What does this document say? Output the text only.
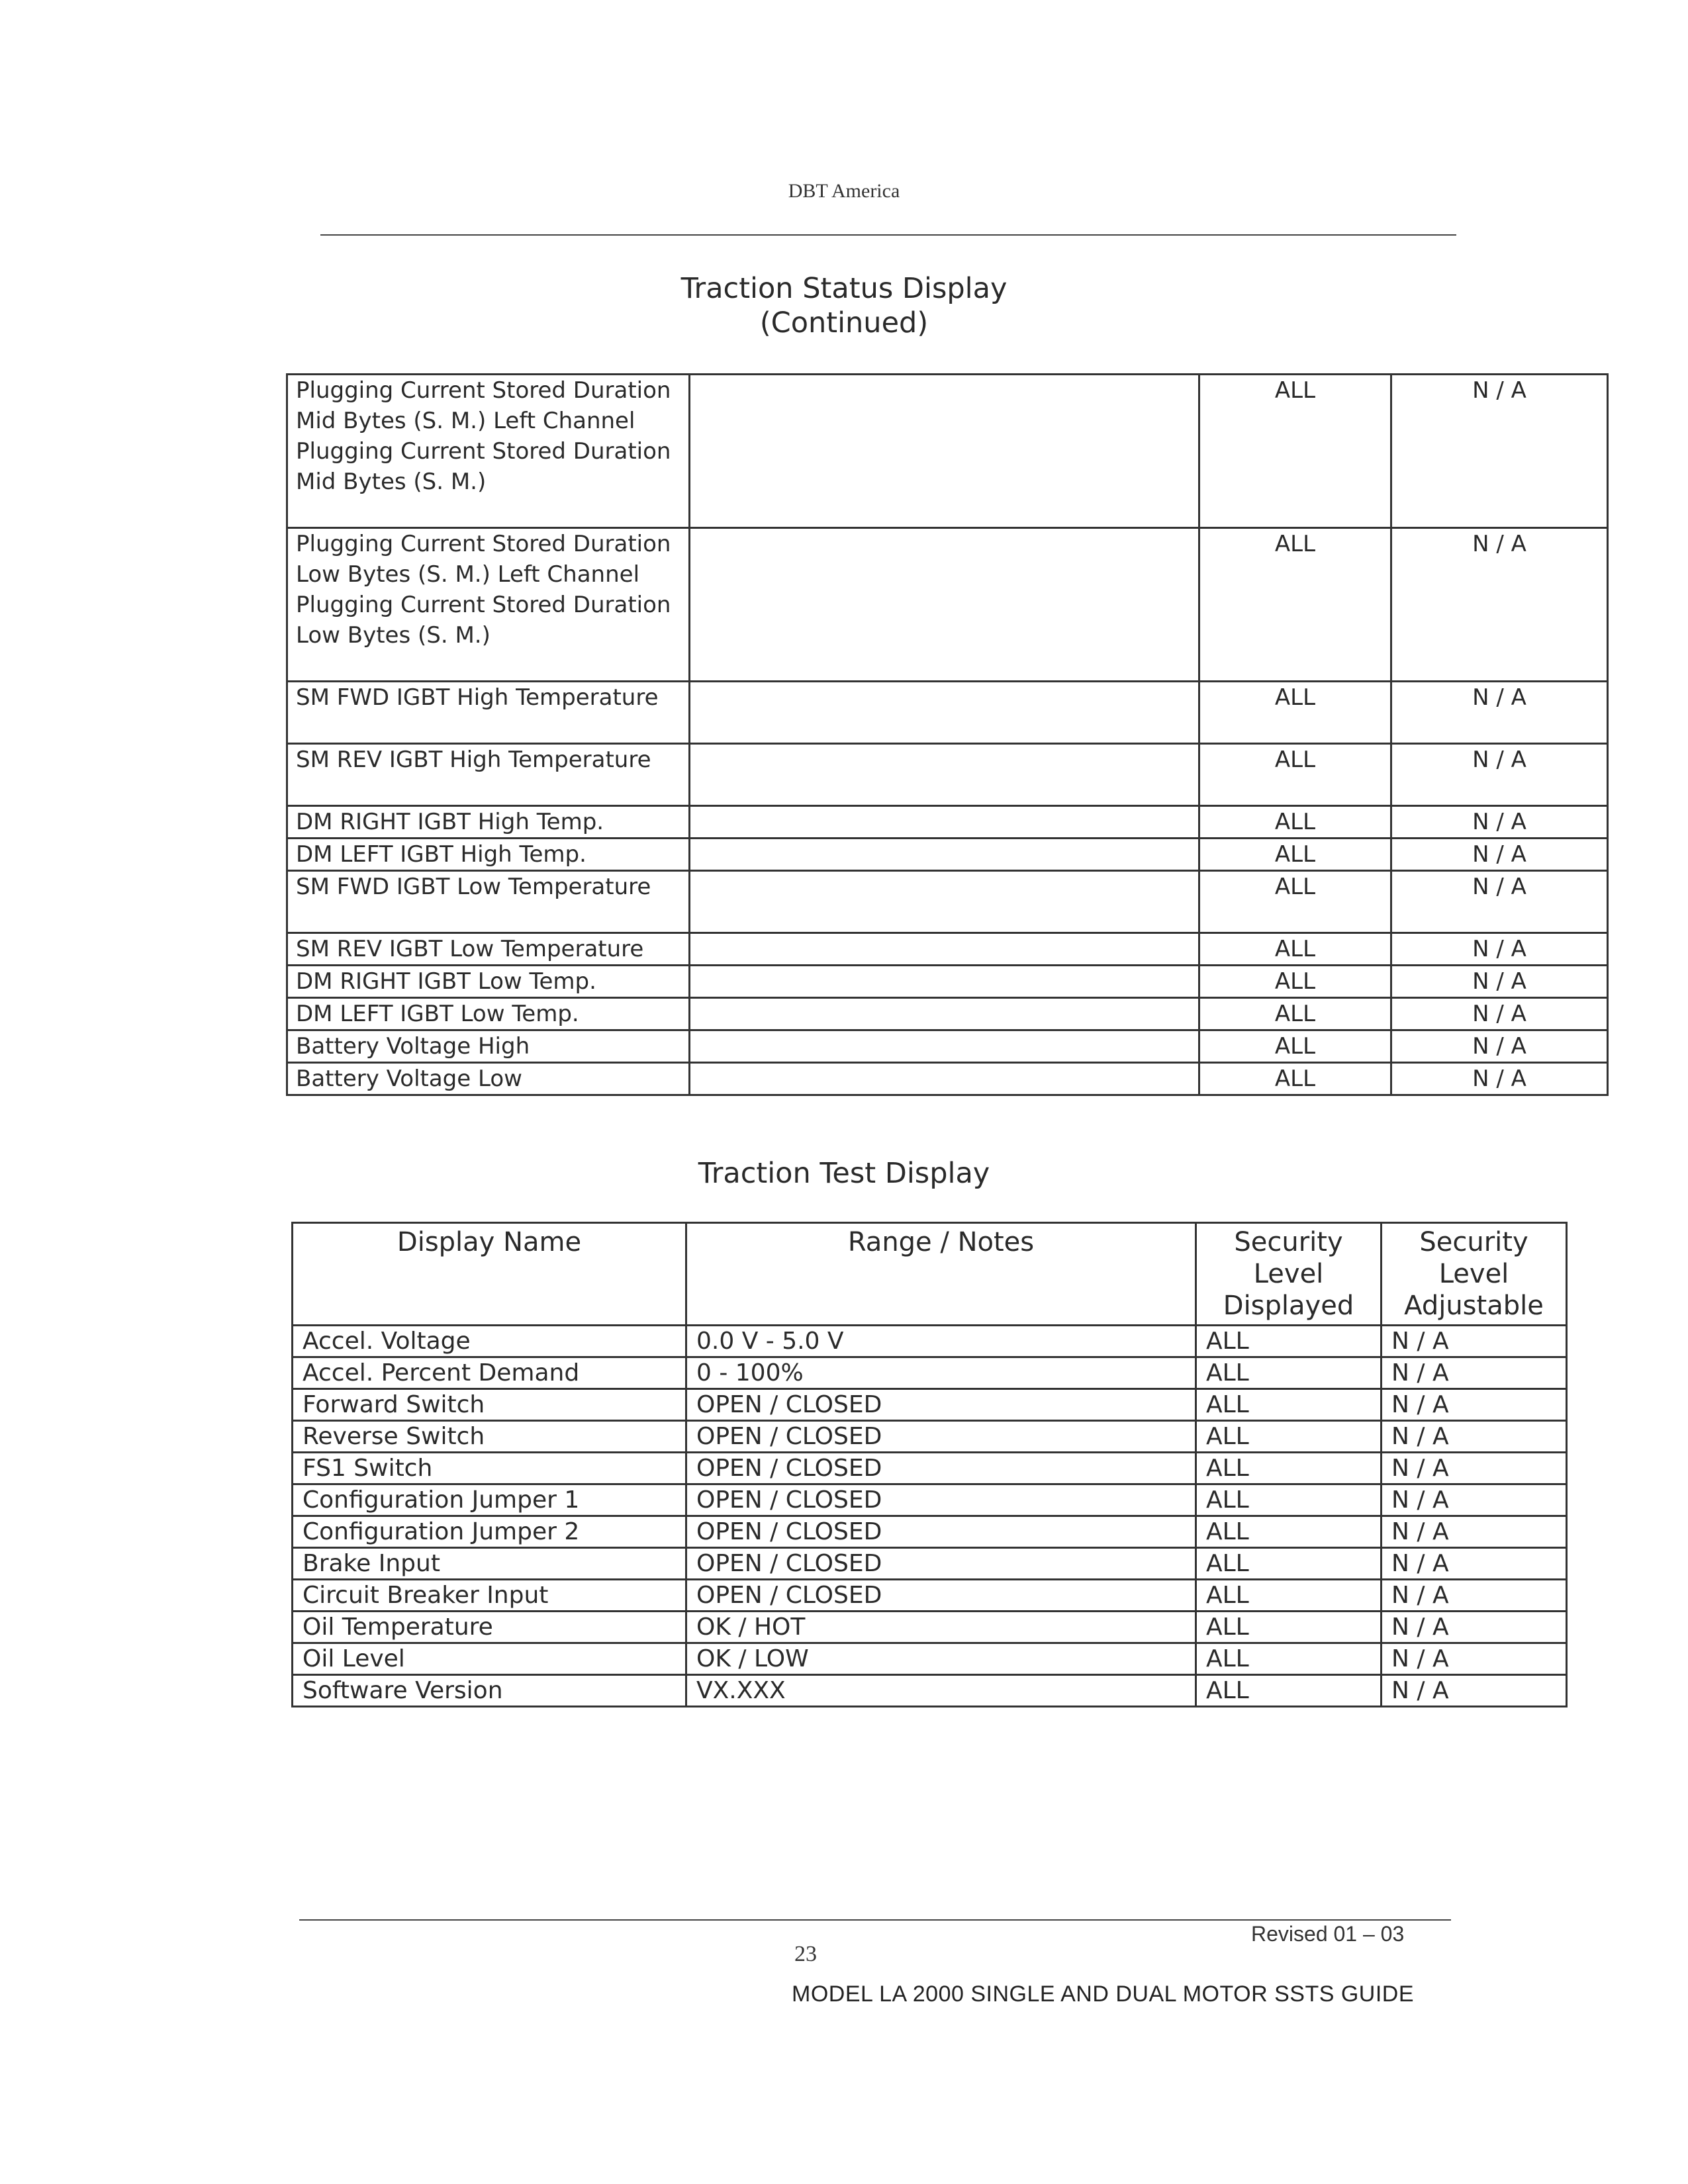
DBT America
Traction Status Display
(Continued)
Plugging Current Stored Duration Mid Bytes (S. M.) Left Channel Plugging Current Stored Duration Mid Bytes (S. M.)		ALL	N / A
Plugging Current Stored Duration Low Bytes (S. M.) Left Channel Plugging Current Stored Duration Low Bytes (S. M.)		ALL	N / A
SM FWD IGBT High Temperature		ALL	N / A
SM REV IGBT High Temperature		ALL	N / A
DM RIGHT IGBT High Temp.		ALL	N / A
DM LEFT IGBT High Temp.		ALL	N / A
SM FWD IGBT Low Temperature		ALL	N / A
SM REV IGBT Low Temperature		ALL	N / A
DM RIGHT IGBT Low Temp.		ALL	N / A
DM LEFT IGBT Low Temp.		ALL	N / A
Battery Voltage High		ALL	N / A
Battery Voltage Low		ALL	N / A
Traction Test Display
Display Name	Range / Notes	Security Level Displayed	Security Level Adjustable
Accel. Voltage	0.0 V - 5.0 V	ALL	N / A
Accel. Percent Demand	0 - 100%	ALL	N / A
Forward Switch	OPEN / CLOSED	ALL	N / A
Reverse Switch	OPEN / CLOSED	ALL	N / A
FS1 Switch	OPEN / CLOSED	ALL	N / A
Configuration Jumper 1	OPEN / CLOSED	ALL	N / A
Configuration Jumper 2	OPEN / CLOSED	ALL	N / A
Brake Input	OPEN / CLOSED	ALL	N / A
Circuit Breaker Input	OPEN / CLOSED	ALL	N / A
Oil Temperature	OK / HOT	ALL	N / A
Oil Level	OK / LOW	ALL	N / A
Software Version	VX.XXX	ALL	N / A
Revised 01 – 03
23
MODEL LA 2000 SINGLE AND DUAL MOTOR SSTS GUIDE
